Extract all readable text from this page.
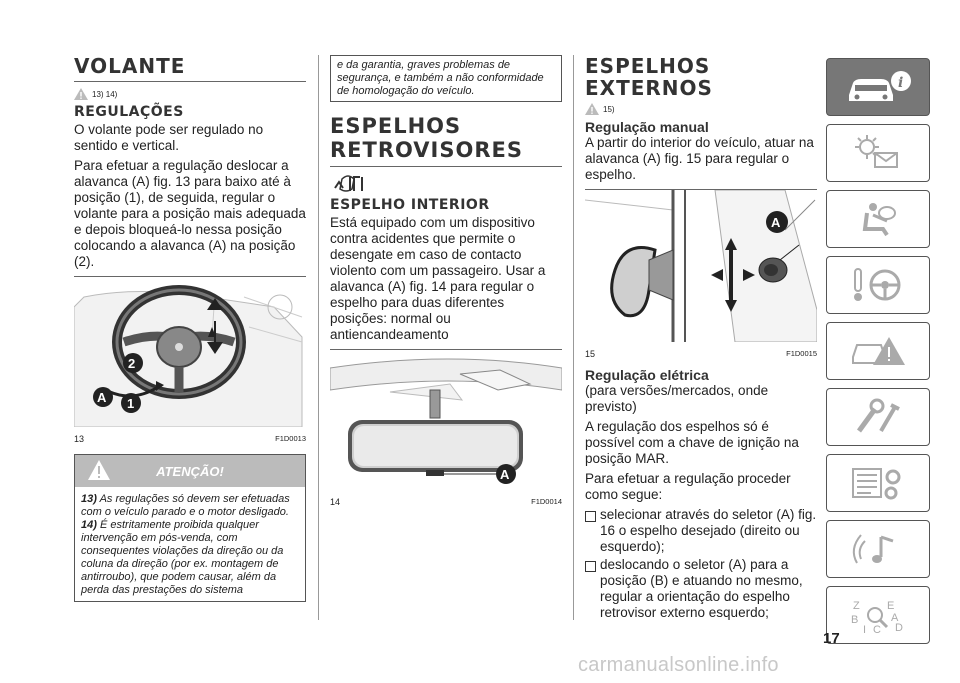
VOLANTE
13) 14)
REGULAÇÕES

O volante pode ser regulado no sentido e vertical.

Para efetuar a regulação deslocar a alavanca (A) fig. 13 para baixo até à posição (1), de seguida, regular o volante para a posição mais adequada e depois bloqueá-lo nessa posição colocando a alavanca (A) na posição (2).

2
A 1
13	F1D0013
ATENÇÃO!
13) As regulações só devem ser efetuadas com o veículo parado e o motor desligado.
14) É estritamente proibida qualquer intervenção em pós-venda, com consequentes violações da direção ou da coluna da direção (por ex. montagem de antirroubo), que podem causar, além da perda das prestações do sistema
e da garantia, graves problemas de segurança, e também a não conformidade de homologação do veículo.
ESPELHOS
RETROVISORES
ESPELHO INTERIOR

Está equipado com um dispositivo contra acidentes que permite o desengate em caso de contacto violento com um passageiro. Usar a alavanca (A) fig. 14 para regular o espelho para duas diferentes posições: normal ou antiencandeamento

A
14	F1D0014
ESPELHOS EXTERNOS
15)
Regulação manual

A partir do interior do veículo, atuar na alavanca (A) fig. 15 para regular o espelho.

A
15	F1D0015
Regulação elétrica

(para versões/mercados, onde previsto)

A regulação dos espelhos só é possível com a chave de ignição na posição MAR.

Para efetuar a regulação proceder como segue:

selecionar através do seletor (A) fig. 16 o espelho desejado (direito ou esquerdo);
deslocando o seletor (A) para a posição (B) e atuando no mesmo, regular a orientação do espelho retrovisor externo esquerdo;
i
Z E
B	A
I C D
17
carmanualsonline.info
